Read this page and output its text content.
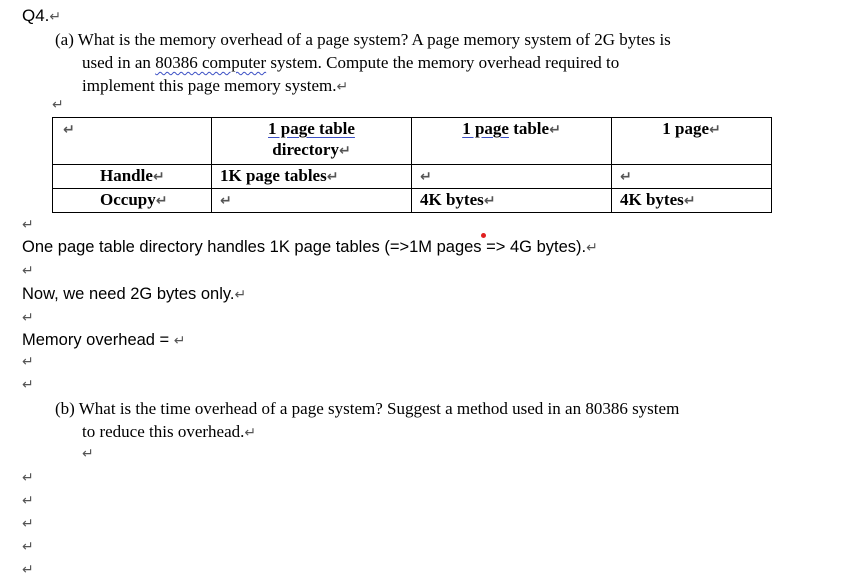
Q4.↵
(a) What is the memory overhead of a page system? A page memory system of 2G bytes is
used in an 80386 computer system. Compute the memory overhead required to
implement this page memory system.↵
↵
↵	1 page table
directory↵	1 page table↵	1 page↵
Handle↵	1K page tables↵	↵	↵
Occupy↵	↵	4K bytes↵	4K bytes↵
↵
One page table directory handles 1K page tables (=>1M pages => 4G bytes).↵
↵
Now, we need 2G bytes only.↵
↵
Memory overhead = ↵
↵
↵
(b) What is the time overhead of a page system? Suggest a method used in an 80386 system
to reduce this overhead.↵
↵
↵
↵
↵
↵
↵
